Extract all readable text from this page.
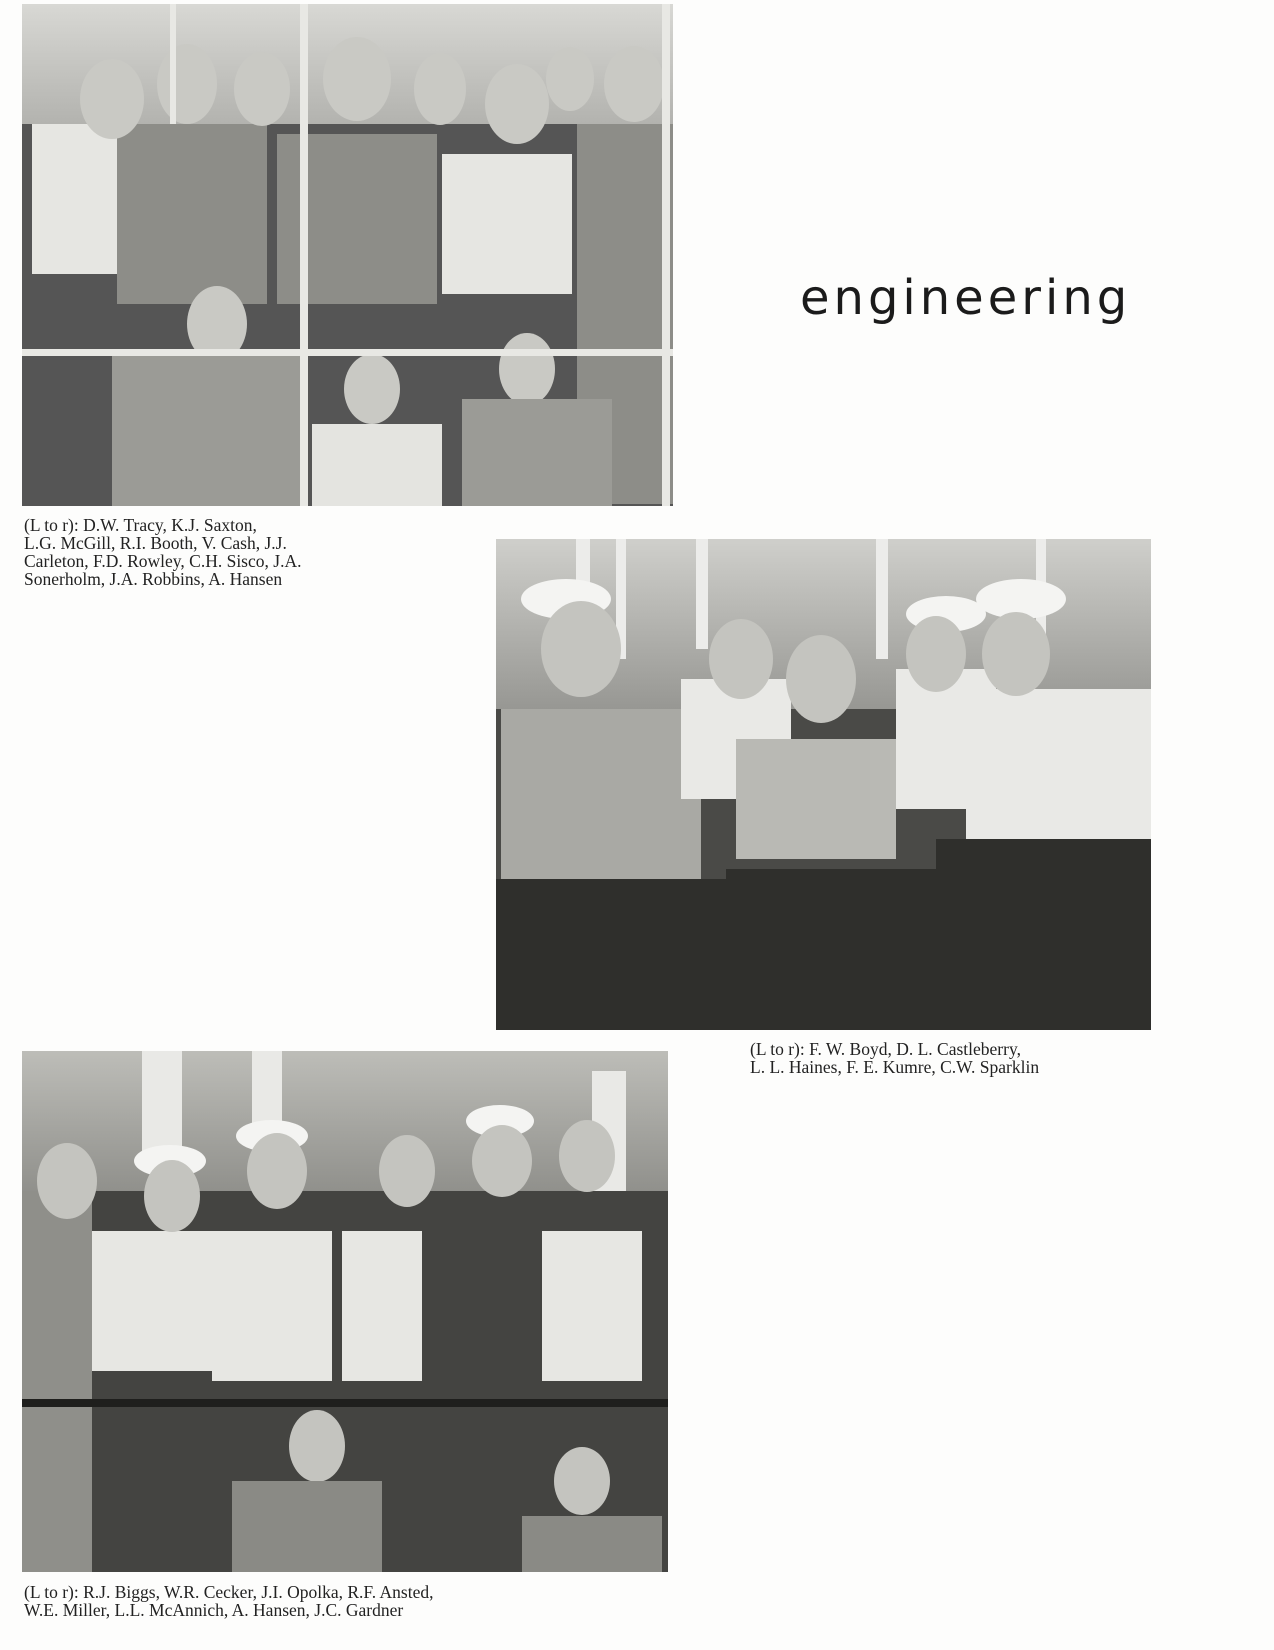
engineering
(L to r): D.W. Tracy, K.J. Saxton,
L.G. McGill, R.I. Booth, V. Cash, J.J.
Carleton, F.D. Rowley, C.H. Sisco, J.A.
Sonerholm, J.A. Robbins, A. Hansen
(L to r): F. W. Boyd, D. L. Castleberry,
L. L. Haines, F. E. Kumre, C.W. Sparklin
(L to r): R.J. Biggs, W.R. Cecker, J.I. Opolka, R.F. Ansted,
W.E. Miller, L.L. McAnnich, A. Hansen, J.C. Gardner
